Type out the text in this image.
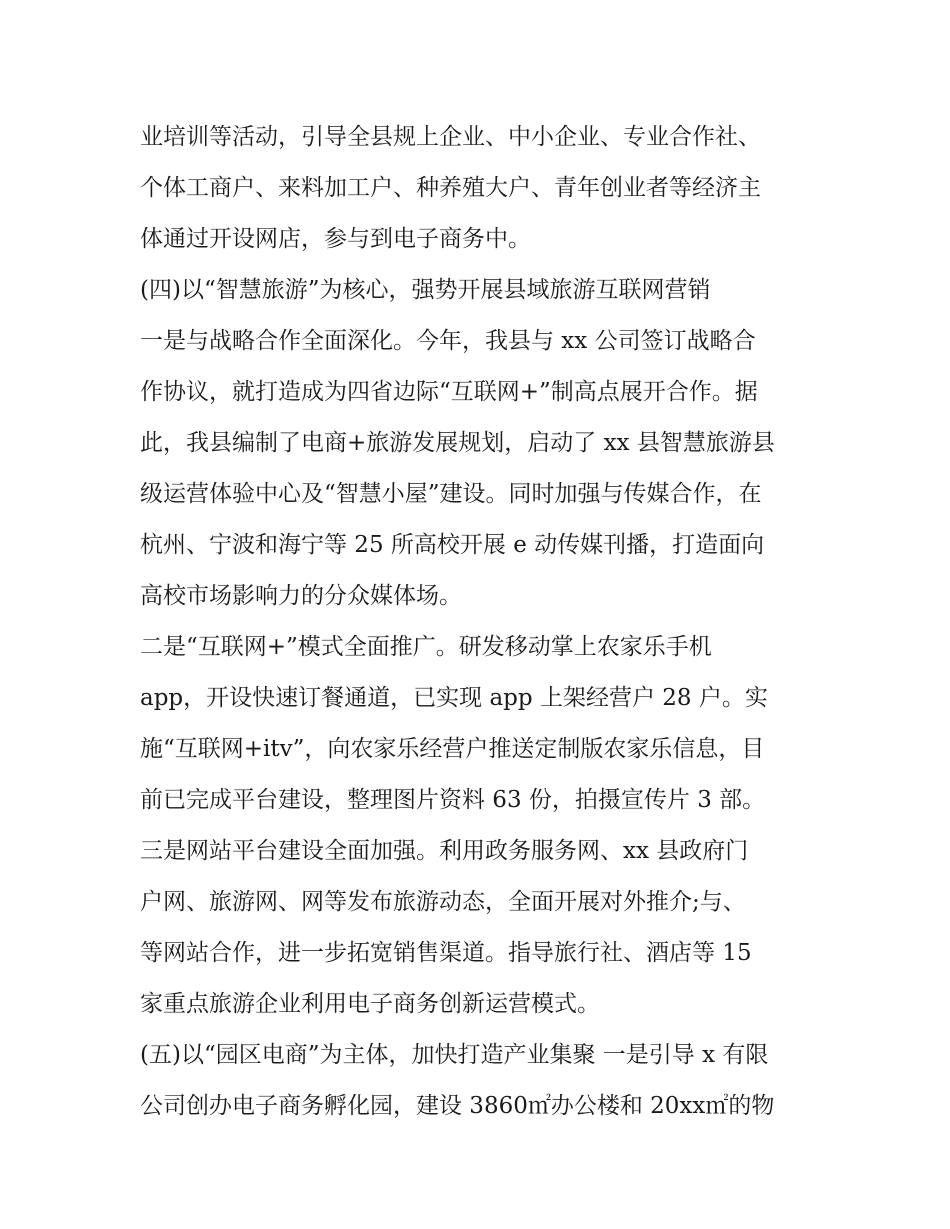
业培训等活动，引导全县规上企业、中小企业、专业合作社、
个体工商户、来料加工户、种养殖大户、青年创业者等经济主
体通过开设网店，参与到电子商务中。
(四)以“智慧旅游”为核心，强势开展县域旅游互联网营销
一是与战略合作全面深化。今年，我县与 xx 公司签订战略合
作协议，就打造成为四省边际“互联网+”制高点展开合作。据
此，我县编制了电商+旅游发展规划，启动了 xx 县智慧旅游县
级运营体验中心及“智慧小屋”建设。同时加强与传媒合作，在
杭州、宁波和海宁等 25 所高校开展 e 动传媒刊播，打造面向
高校市场影响力的分众媒体场。
二是“互联网+”模式全面推广。研发移动掌上农家乐手机
app，开设快速订餐通道，已实现 app 上架经营户 28 户。实
施“互联网+itv”，向农家乐经营户推送定制版农家乐信息，目
前已完成平台建设，整理图片资料 63 份，拍摄宣传片 3 部。
三是网站平台建设全面加强。利用政务服务网、xx 县政府门
户网、旅游网、网等发布旅游动态，全面开展对外推介;与、
等网站合作，进一步拓宽销售渠道。指导旅行社、酒店等 15
家重点旅游企业利用电子商务创新运营模式。
(五)以“园区电商”为主体，加快打造产业集聚 一是引导 x 有限
公司创办电子商务孵化园，建设 3860㎡办公楼和 20xx㎡的物
